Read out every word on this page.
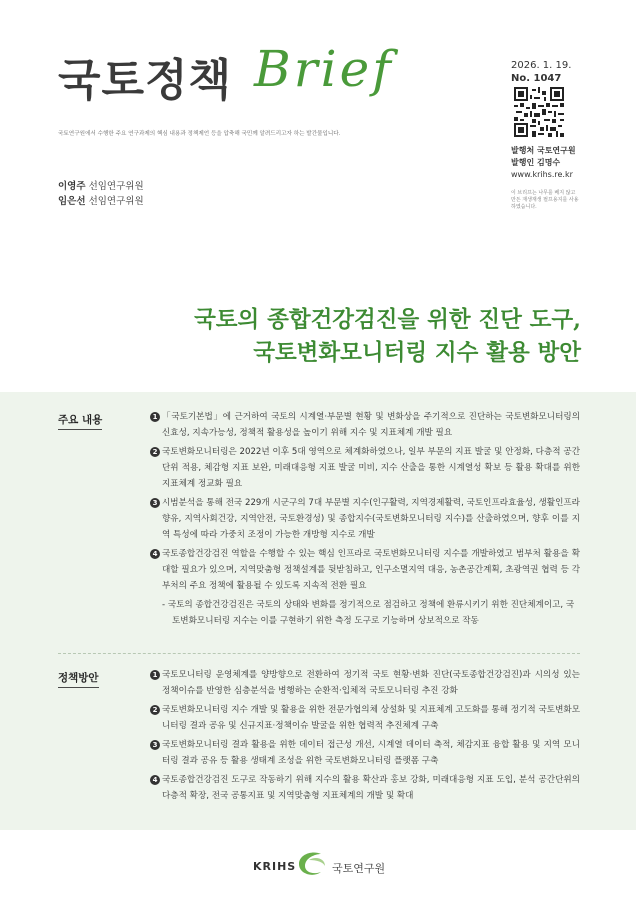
국토정책 Brief
국토연구원에서 수행한 주요 연구과제의 핵심 내용과 정책제언 등을 압축해 국민께 알려드리고자 하는 발간물입니다.
2026. 1. 19.
No. 1047
발행처 국토연구원
발행인 김명수
www.krihs.re.kr
이 브리프는 나무를 베지 않고 만든 재생재생 펄프용지를 사용하였습니다.
이영주 선임연구위원
임은선 선임연구위원
국토의 종합건강검진을 위한 진단 도구,
국토변화모니터링 지수 활용 방안
주요 내용	1 「국토기본법」에 근거하여 국토의 시계열·부문별 현황 및 변화상을 주기적으로 진단하는 국토변화모니터링의 신효성, 지속가능성, 정책적 활용성을 높이기 위해 지수 및 지표체계 개발 필요
2 국토변화모니터링은 2022년 이후 5대 영역으로 체계화하였으나, 일부 부문의 지표 발굴 및 안정화, 다층적 공간단위 적용, 체감형 지표 보완, 미래대응형 지표 발굴 미비, 지수 산출을 통한 시계열성 확보 등 활용 확대를 위한 지표체계 정교화 필요
3 시범분석을 통해 전국 229개 시군구의 7대 부문별 지수(인구활력, 지역경제활력, 국토인프라효율성, 생활인프라향유, 지역사회건강, 지역안전, 국토환경성) 및 종합지수(국토변화모니터링 지수)를 산출하였으며, 향후 이를 지역 특성에 따라 가중치 조정이 가능한 개방형 지수로 개발
4 국토종합건강검진 역할을 수행할 수 있는 핵심 인프라로 국토변화모니터링 지수를 개발하였고 범부처 활용을 확대할 필요가 있으며, 지역맞춤형 정책설계를 뒷받침하고, 인구소멸지역 대응, 농촌공간계획, 초광역권 협력 등 각 부처의 주요 정책에 활용될 수 있도록 지속적 전환 필요
- 국토의 종합건강검진은 국토의 상태와 변화를 정기적으로 점검하고 정책에 환류시키기 위한 진단체계이고, 국토변화모니터링 지수는 이를 구현하기 위한 측정 도구로 기능하며 상보적으로 작동
정책방안	1 국토모니터링 운영체계를 양방향으로 전환하여 정기적 국토 현황·변화 진단(국토종합건강검진)과 시의성 있는 정책이슈를 반영한 심층분석을 병행하는 순환적·입체적 국토모니터링 추진 강화
2 국토변화모니터링 지수 개발 및 활용을 위한 전문가협의체 상설화 및 지표체계 고도화를 통해 정기적 국토변화모니터링 결과 공유 및 신규지표·정책이슈 발굴을 위한 협력적 추진체계 구축
3 국토변화모니터링 결과 활용을 위한 데이터 접근성 개선, 시계열 데이터 축적, 체감지표 융합 활용 및 지역 모니터링 결과 공유 등 활용 생태계 조성을 위한 국토변화모니터링 플랫폼 구축
4 국토종합건강검진 도구로 작동하기 위해 지수의 활용 확산과 홍보 강화, 미래대응형 지표 도입, 분석 공간단위의 다층적 확장, 전국 공통지표 및 지역맞춤형 지표체계의 개발 및 확대
KRIHS	국토연구원
